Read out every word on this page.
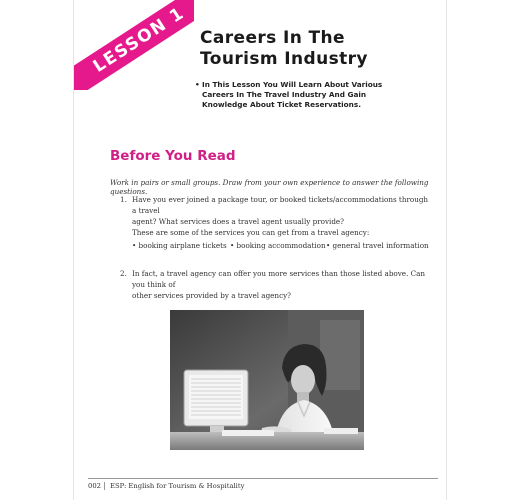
LESSON 1 Careers In The
Tourism Industry
• In This Lesson You Will Learn About Various
Careers In The Travel Industry And Gain
Knowledge About Ticket Reservations.
Before You Read
Work in pairs or small groups. Draw from your own experience to answer the following questions.
1. Have you ever joined a package tour, or booked tickets/accommodations through a travel
agent? What services does a travel agent usually provide?
These are some of the services you can get from a travel agency:
• booking airplane tickets • booking accommodation • general travel information
2. In fact, a travel agency can offer you more services than those listed above. Can you think of
other services provided by a travel agency?
002 ESP: English for Tourism & Hospitality
